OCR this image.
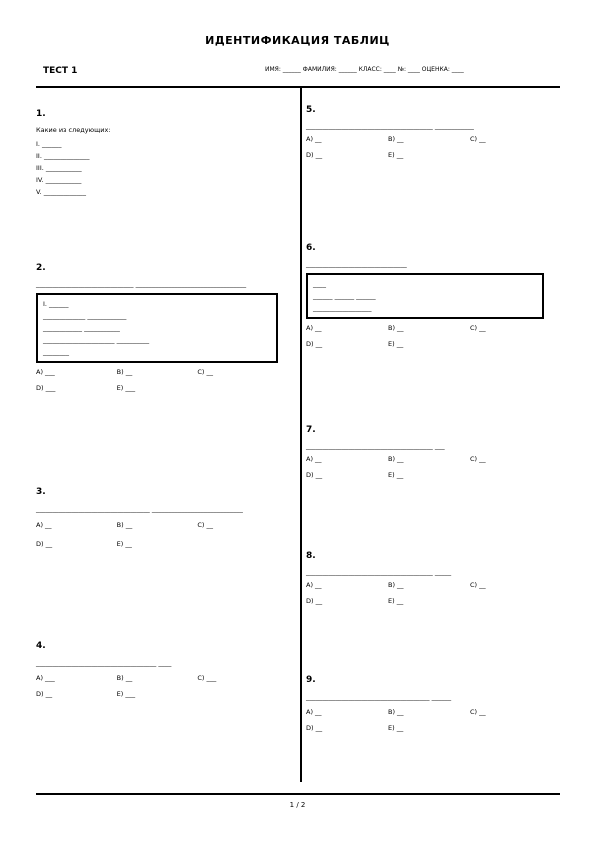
ИДЕНТИФИКАЦИЯ ТАБЛИЦ
ТЕСТ 1	ИМЯ: ______ ФАМИЛИЯ: ______ КЛАСС: ____ №: ____ ОЦЕНКА: ____
1.
Какие из следующих:
I. ______
II. ______________
III. ___________
IV. ___________
V. _____________
2.
______________________________ __________________________________
I. ______
_____________ ____________
____________ ___________
______________________ __________
________
A) ___	B) __	C) __
D) ___	E) ___
3.
___________________________________ ____________________________
A) __	B) __	C) __
D) __	E) __
4.
_____________________________________ ____
A) ___	B) __	C) ___
D) __	E) ___
5.
_______________________________________ ____________
A) __	B) __	C) __
D) __	E) __
6.
_______________________________
____
______ ______ ______
__________________
A) __	B) __	C) __
D) __	E) __
7.
_______________________________________ ___
A) __	B) __	C) __
D) __	E) __
8.
_______________________________________ _____
A) __	B) __	C) __
D) __	E) __
9.
______________________________________ ______
A) __	B) __	C) __
D) __	E) __
1 / 2
